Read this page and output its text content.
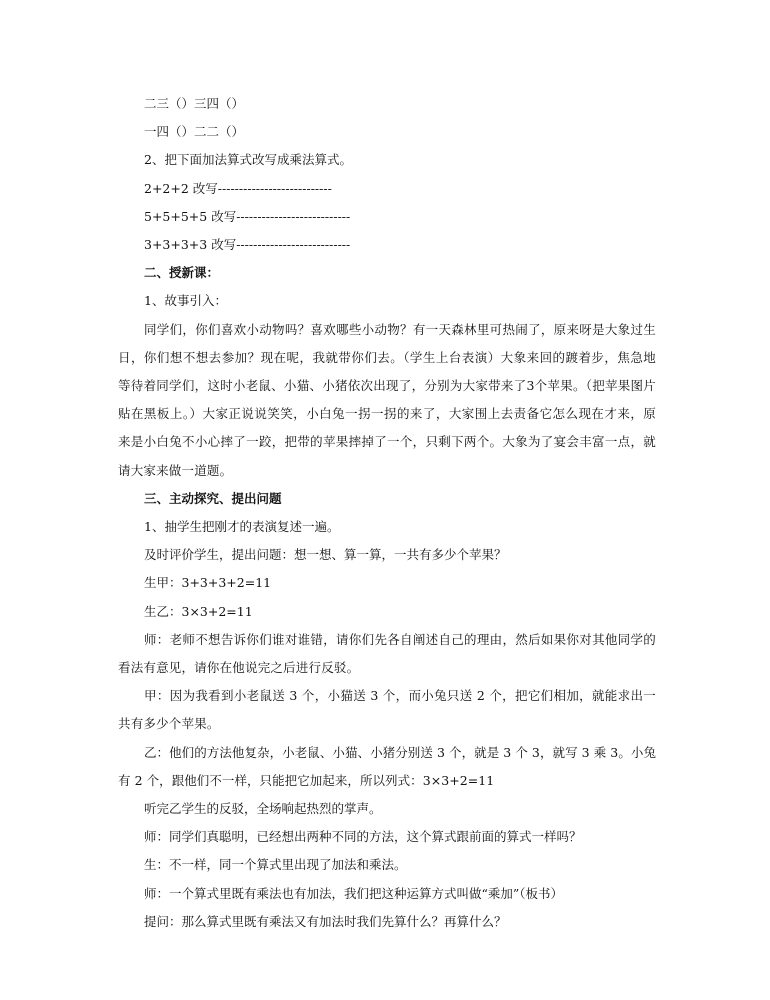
二三（）三四（）

一四（）二二（）

2、把下面加法算式改写成乘法算式。

2+2+2 改写---------------------------

5+5+5+5 改写---------------------------

3+3+3+3 改写---------------------------

二、授新课：

1、故事引入：

同学们，你们喜欢小动物吗？喜欢哪些小动物？有一天森林里可热闹了，原来呀是大象过生日，你们想不想去参加？现在呢，我就带你们去。（学生上台表演）大象来回的踱着步，焦急地等待着同学们，这时小老鼠、小猫、小猪依次出现了，分别为大家带来了3个苹果。（把苹果图片贴在黑板上。）大家正说说笑笑，小白兔一拐一拐的来了，大家围上去责备它怎么现在才来，原来是小白兔不小心摔了一跤，把带的苹果摔掉了一个，只剩下两个。大象为了宴会丰富一点，就请大家来做一道题。

三、主动探究、提出问题

1、抽学生把刚才的表演复述一遍。

及时评价学生，提出问题：想一想、算一算，一共有多少个苹果？

生甲：3+3+3+2=11

生乙：3×3+2=11

师：老师不想告诉你们谁对谁错，请你们先各自阐述自己的理由，然后如果你对其他同学的看法有意见，请你在他说完之后进行反驳。

甲：因为我看到小老鼠送 3 个，小猫送 3 个，而小兔只送 2 个，把它们相加，就能求出一共有多少个苹果。

乙：他们的方法他复杂，小老鼠、小猫、小猪分别送 3 个，就是 3 个 3，就写 3 乘 3。小兔有 2 个，跟他们不一样，只能把它加起来，所以列式：3×3+2=11

听完乙学生的反驳，全场响起热烈的掌声。

师：同学们真聪明，已经想出两种不同的方法，这个算式跟前面的算式一样吗？

生：不一样，同一个算式里出现了加法和乘法。

师：一个算式里既有乘法也有加法，我们把这种运算方式叫做“乘加”（板书）

提问：那么算式里既有乘法又有加法时我们先算什么？再算什么？
